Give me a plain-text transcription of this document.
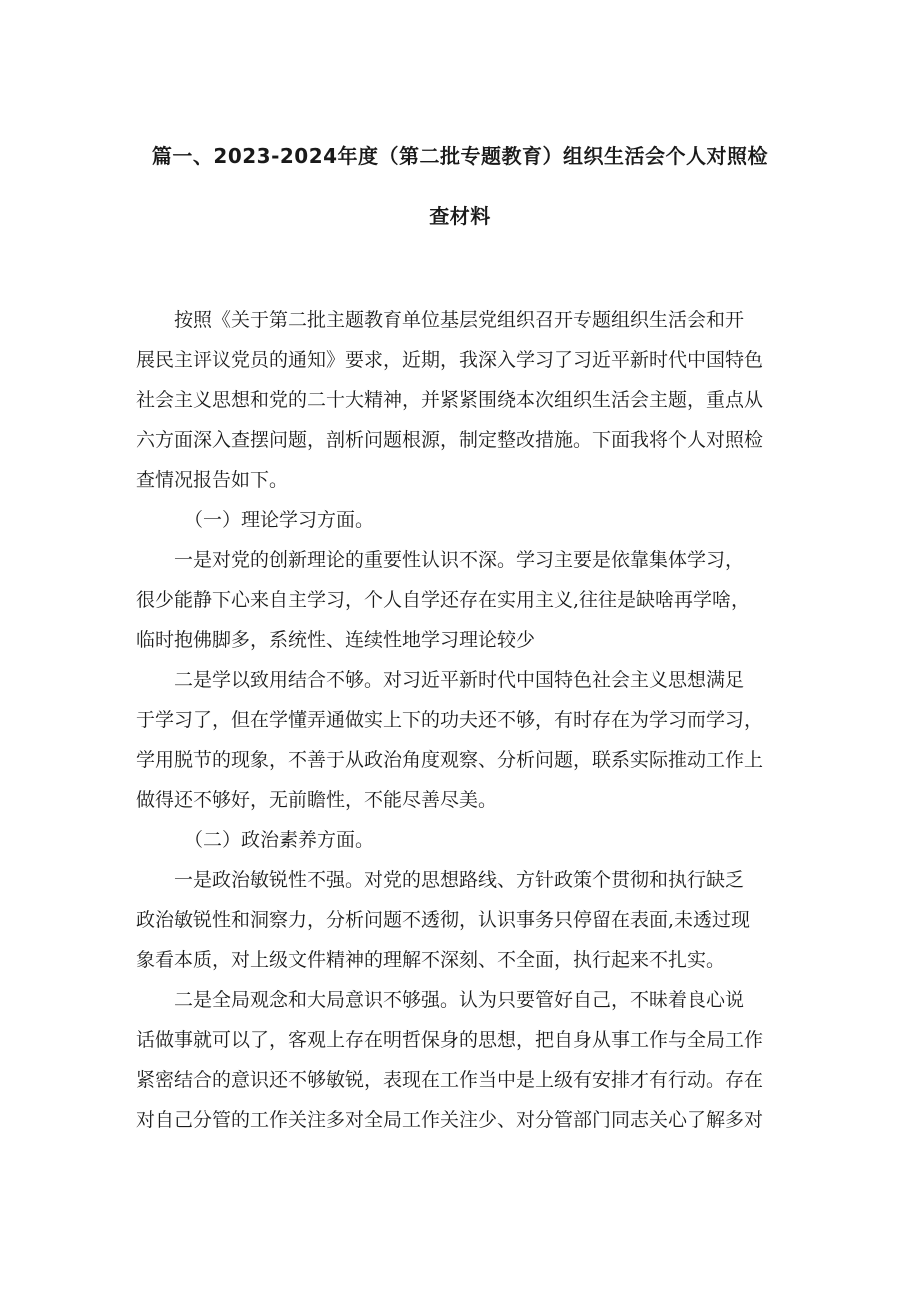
篇一、2023-2024年度（第二批专题教育）组织生活会个人对照检
查材料
按照《关于第二批主题教育单位基层党组织召开专题组织生活会和开
展民主评议党员的通知》要求，近期，我深入学习了习近平新时代中国特色
社会主义思想和党的二十大精神，并紧紧围绕本次组织生活会主题，重点从
六方面深入查摆问题，剖析问题根源，制定整改措施。下面我将个人对照检
查情况报告如下。
（一）理论学习方面。
一是对党的创新理论的重要性认识不深。学习主要是依靠集体学习，
很少能静下心来自主学习，个人自学还存在实用主义,往往是缺啥再学啥，
临时抱佛脚多，系统性、连续性地学习理论较少
二是学以致用结合不够。对习近平新时代中国特色社会主义思想满足
于学习了，但在学懂弄通做实上下的功夫还不够，有时存在为学习而学习，
学用脱节的现象，不善于从政治角度观察、分析问题，联系实际推动工作上
做得还不够好，无前瞻性，不能尽善尽美。
（二）政治素养方面。
一是政治敏锐性不强。对党的思想路线、方针政策个贯彻和执行缺乏
政治敏锐性和洞察力，分析问题不透彻，认识事务只停留在表面,未透过现
象看本质，对上级文件精神的理解不深刻、不全面，执行起来不扎实。
二是全局观念和大局意识不够强。认为只要管好自己，不昧着良心说
话做事就可以了，客观上存在明哲保身的思想，把自身从事工作与全局工作
紧密结合的意识还不够敏锐，表现在工作当中是上级有安排才有行动。存在
对自己分管的工作关注多对全局工作关注少、对分管部门同志关心了解多对
